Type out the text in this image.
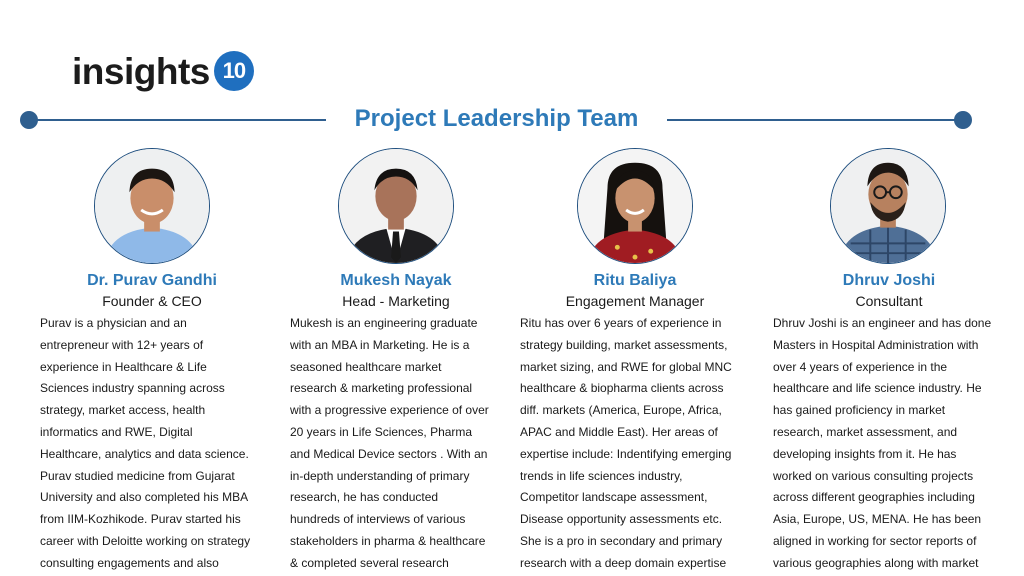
insights 10
Project Leadership Team
Dr. Purav Gandhi
Founder & CEO
Purav is a physician and an
entrepreneur with 12+ years of
experience in Healthcare & Life
Sciences industry spanning across
strategy, market access, health
informatics and RWE, Digital
Healthcare, analytics and data science.
Purav studied medicine from Gujarat
University and also completed his MBA
from IIM-Kozhikode. Purav started his
career with Deloitte working on strategy
consulting engagements and also
Mukesh Nayak
Head - Marketing
Mukesh is an engineering graduate
with an MBA in Marketing. He is a
seasoned healthcare market
research & marketing professional
with a progressive experience of over
20 years in Life Sciences, Pharma
and Medical Device sectors . With an
in-depth understanding of primary
research, he has conducted
hundreds of interviews of various
stakeholders in pharma & healthcare
& completed several research
Ritu Baliya
Engagement Manager
Ritu has over 6 years of experience in
strategy building, market assessments,
market sizing, and RWE for global MNC
healthcare & biopharma clients across
diff. markets (America, Europe, Africa,
APAC and Middle East). Her areas of
expertise include: Indentifying emerging
trends in life sciences industry,
Competitor landscape assessment,
Disease opportunity assessments etc.
She is a pro in secondary and primary
research with a deep domain expertise
Dhruv Joshi
Consultant
Dhruv Joshi is an engineer and has done
Masters in Hospital Administration with
over 4 years of experience in the
healthcare and life science industry. He
has gained proficiency in market
research, market assessment, and
developing insights from it. He has
worked on various consulting projects
across different geographies including
Asia, Europe, US, MENA. He has been
aligned in working for sector reports of
various geographies along with market
